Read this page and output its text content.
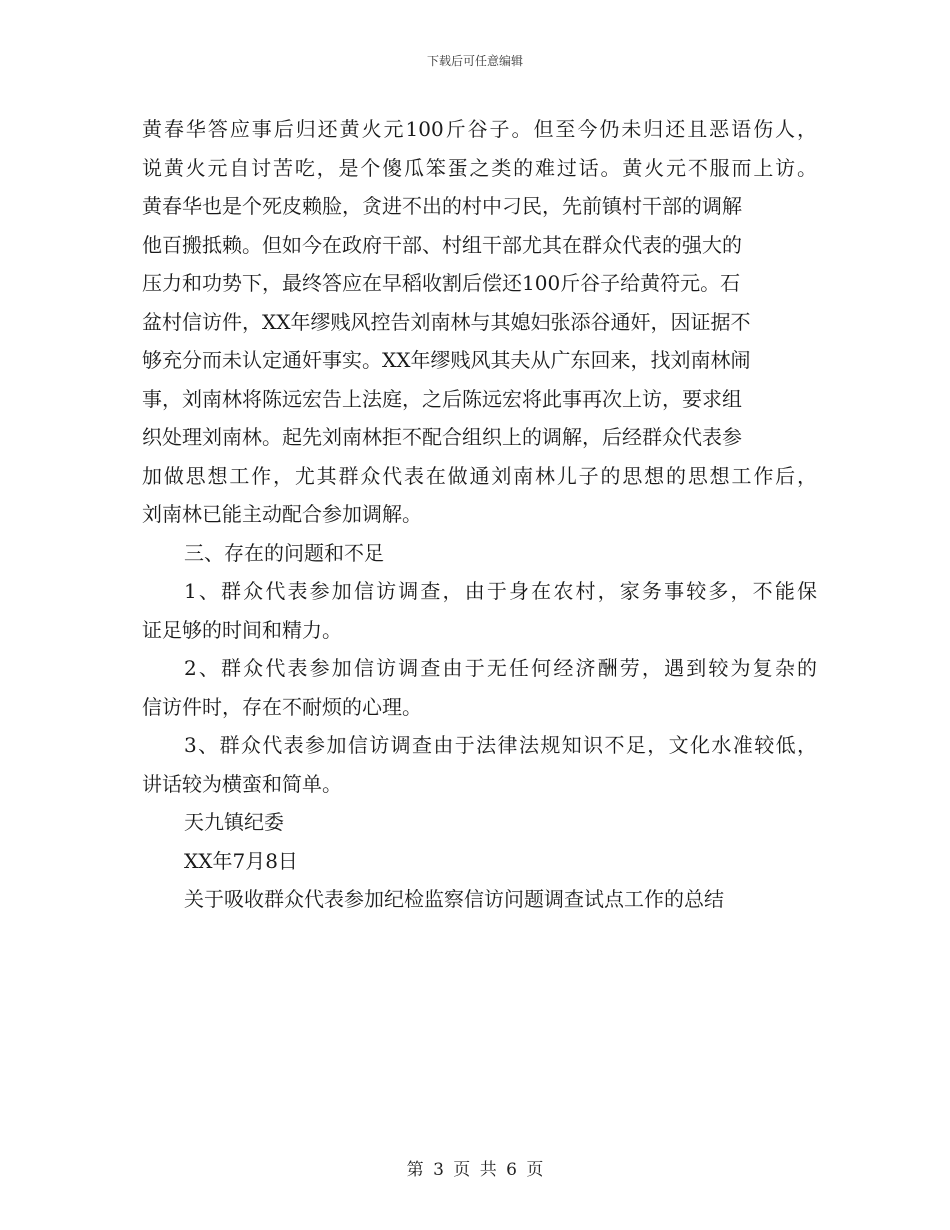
下载后可任意编辑
黄春华答应事后归还黄火元100斤谷子。但至今仍未归还且恶语伤人，
说黄火元自讨苦吃，是个傻瓜笨蛋之类的难过话。黄火元不服而上访。
黄春华也是个死皮赖脸，贪进不出的村中刁民，先前镇村干部的调解
他百搬抵赖。但如今在政府干部、村组干部尤其在群众代表的强大的
压力和功势下，最终答应在早稻收割后偿还100斤谷子给黄符元。石
盆村信访件，XX年缪贱风控告刘南林与其媳妇张添谷通奸，因证据不
够充分而未认定通奸事实。XX年缪贱风其夫从广东回来，找刘南林闹
事，刘南林将陈远宏告上法庭，之后陈远宏将此事再次上访，要求组
织处理刘南林。起先刘南林拒不配合组织上的调解，后经群众代表参
加做思想工作，尤其群众代表在做通刘南林儿子的思想的思想工作后，
刘南林已能主动配合参加调解。
三、存在的问题和不足
1、群众代表参加信访调查，由于身在农村，家务事较多，不能保
证足够的时间和精力。
2、群众代表参加信访调查由于无任何经济酬劳，遇到较为复杂的
信访件时，存在不耐烦的心理。
3、群众代表参加信访调查由于法律法规知识不足，文化水准较低，
讲话较为横蛮和简单。
天九镇纪委
XX年7月8日
关于吸收群众代表参加纪检监察信访问题调查试点工作的总结
第 3 页 共 6 页
